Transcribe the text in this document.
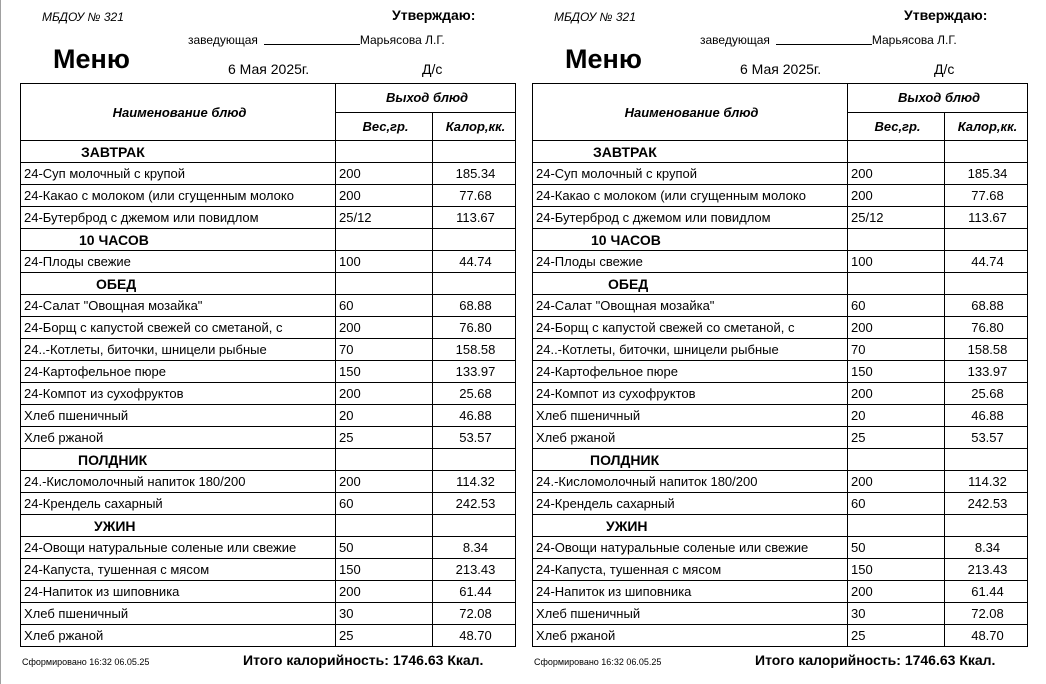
МБДОУ № 321	Утверждаю:
заведующая	Марьясова Л.Г.
Меню	6 Мая 2025г.	Д/с
Наименование блюд	Выход блюд	
	Вес,гр.	Калор,кк.
ЗАВТРАК		
24-Суп молочный с крупой	200	185.34
24-Какао с молоком (или сгущенным молоко	200	77.68
24-Бутерброд с джемом или повидлом	25/12	113.67
10 ЧАСОВ		
24-Плоды свежие	100	44.74
ОБЕД		
24-Салат "Овощная мозайка"	60	68.88
24-Борщ с капустой свежей со сметаной, с	200	76.80
24..-Котлеты, биточки, шницели рыбные	70	158.58
24-Картофельное пюре	150	133.97
24-Компот из сухофруктов	200	25.68
Хлеб пшеничный	20	46.88
Хлеб ржаной	25	53.57
ПОЛДНИК		
24.-Кисломолочный напиток 180/200	200	114.32
24-Крендель сахарный	60	242.53
УЖИН		
24-Овощи натуральные соленые или свежие	50	8.34
24-Капуста, тушенная с мясом	150	213.43
24-Напиток из шиповника	200	61.44
Хлеб пшеничный	30	72.08
Хлеб ржаной	25	48.70
Сформировано 16:32 06.05.25	Итого калорийность: 1746.63 Ккал.
МБДОУ № 321	Утверждаю:
заведующая	Марьясова Л.Г.
Меню	6 Мая 2025г.	Д/с
Наименование блюд	Выход блюд	
	Вес,гр.	Калор,кк.
ЗАВТРАК		
24-Суп молочный с крупой	200	185.34
24-Какао с молоком (или сгущенным молоко	200	77.68
24-Бутерброд с джемом или повидлом	25/12	113.67
10 ЧАСОВ		
24-Плоды свежие	100	44.74
ОБЕД		
24-Салат "Овощная мозайка"	60	68.88
24-Борщ с капустой свежей со сметаной, с	200	76.80
24..-Котлеты, биточки, шницели рыбные	70	158.58
24-Картофельное пюре	150	133.97
24-Компот из сухофруктов	200	25.68
Хлеб пшеничный	20	46.88
Хлеб ржаной	25	53.57
ПОЛДНИК		
24.-Кисломолочный напиток 180/200	200	114.32
24-Крендель сахарный	60	242.53
УЖИН		
24-Овощи натуральные соленые или свежие	50	8.34
24-Капуста, тушенная с мясом	150	213.43
24-Напиток из шиповника	200	61.44
Хлеб пшеничный	30	72.08
Хлеб ржаной	25	48.70
Сформировано 16:32 06.05.25	Итого калорийность: 1746.63 Ккал.
